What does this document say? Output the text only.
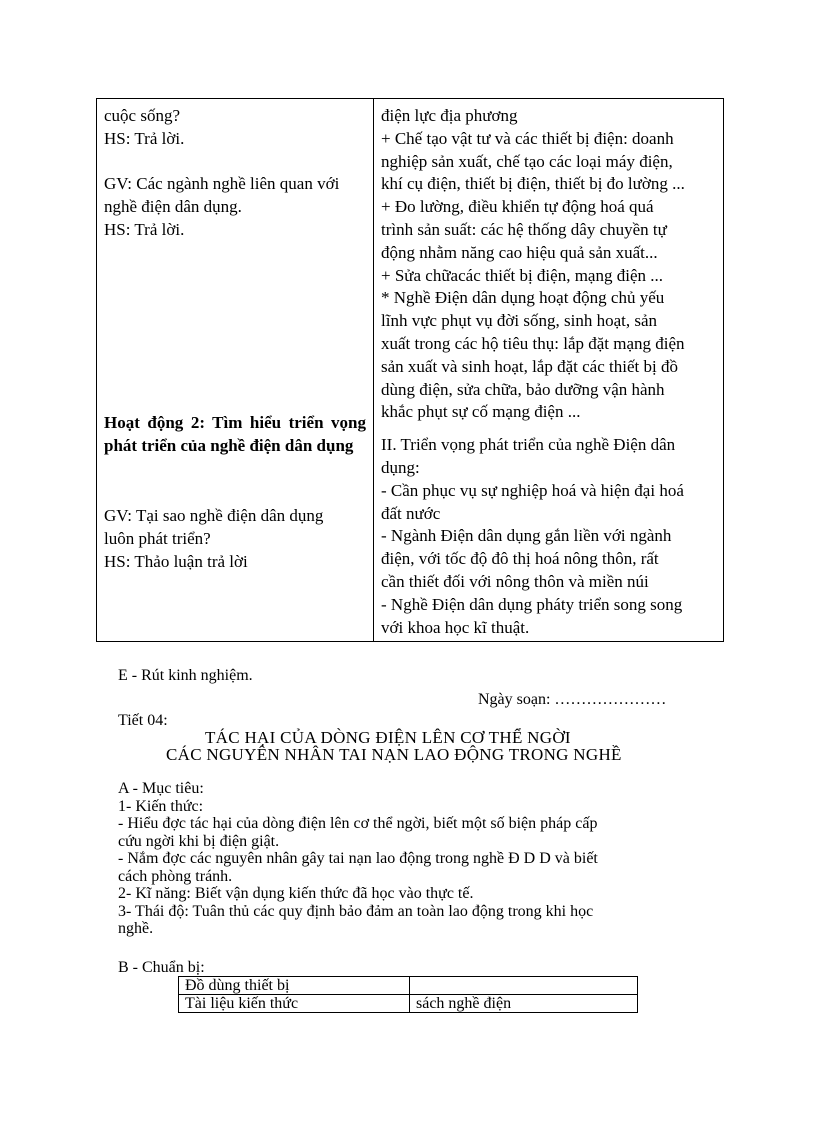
cuộc sống?
HS: Trả lời.
GV: Các ngành nghề liên quan với
nghề điện dân dụng.
HS: Trả lời.
Hoạt động 2: Tìm hiểu triển vọng phát triển của nghề điện dân dụng
GV: Tại sao nghề điện dân dụng
luôn phát triển?
HS: Thảo luận trả lời

điện lực địa phương
+ Chế tạo vật tư và các thiết bị điện: doanh
nghiệp sản xuất, chế tạo các loại máy điện,
khí cụ điện, thiết bị điện, thiết bị đo lường ...
+ Đo lường, điều khiển tự động hoá quá
trình sản suất: các hệ thống dây chuyền tự
động nhằm năng cao hiệu quả sản xuất...
+ Sửa chữacác thiết bị điện, mạng điện ...
* Nghề Điện dân dụng hoạt động chủ yếu
lĩnh vực phụt vụ đời sống, sinh hoạt, sản
xuất trong các hộ tiêu thụ: lắp đặt mạng điện
sản xuất và sinh hoạt, lắp đặt các thiết bị đồ
dùng điện, sửa chữa, bảo dưỡng vận hành
khắc phụt sự cố mạng điện ...
II. Triển vọng phát triển của nghề Điện dân
dụng:
- Cần phục vụ sự nghiệp hoá và hiện đại hoá
đất nước
- Ngành Điện dân dụng gắn liền với ngành
điện, với tốc độ đô thị hoá nông thôn, rất
cần thiết đối với nông thôn và miền núi
- Nghề Điện dân dụng pháty triển song song
với khoa học kĩ thuật.
E - Rút kinh nghiệm.
Ngày soạn: …………………
Tiết 04:
TÁC HẠI CỦA DÒNG ĐIỆN LÊN CƠ THỂ NGỜI
CÁC NGUYÊN NHÂN TAI NẠN LAO ĐỘNG TRONG NGHỀ
A - Mục tiêu:
1- Kiến thức:
- Hiểu đợc tác hại của dòng điện lên cơ thể ngời, biết một số biện pháp cấp
cứu ngời khi bị điện giật.
- Nắm đợc các nguyên nhân gây tai nạn lao động trong nghề Đ D D và biết
cách phòng tránh.
2- Kĩ năng: Biết vận dụng kiến thức đã học vào thực tế.
3- Thái độ: Tuân thủ các quy định bảo đảm an toàn lao động trong khi học
nghề.
B - Chuẩn bị:
Đồ dùng thiết bị	
Tài liệu kiến thức	sách nghề điện
